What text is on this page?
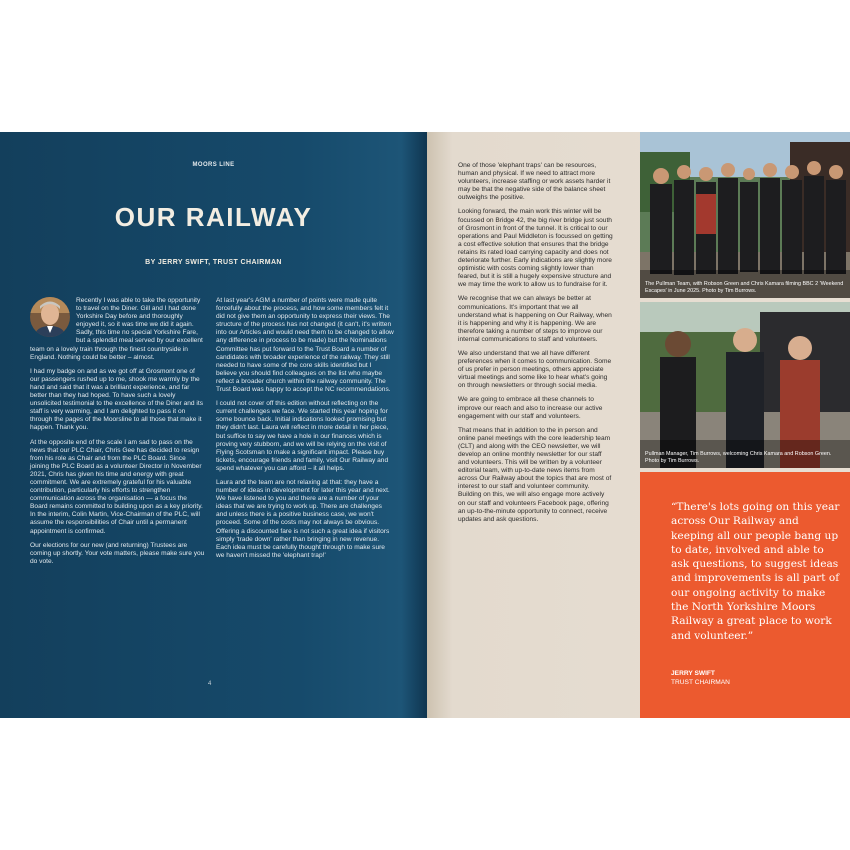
MOORS LINE
OUR RAILWAY
BY JERRY SWIFT, TRUST CHAIRMAN
4

Recently I was able to take the opportunity to travel on the Diner. Gill and I had done Yorkshire Day before and thoroughly enjoyed it, so it was time we did it again. Sadly, this time no special Yorkshire Fare, but a splendid meal served by our excellent team on a lovely train through the finest countryside in England. Nothing could be better – almost.

I had my badge on and as we got off at Grosmont one of our passengers rushed up to me, shook me warmly by the hand and said that it was a brilliant experience, and far better than they had hoped. To have such a lovely unsolicited testimonial to the excellence of the Diner and its staff is very warming, and I am delighted to pass it on through the pages of the Moorsline to all those that make it happen. Thank you.

At the opposite end of the scale I am sad to pass on the news that our PLC Chair, Chris Gee has decided to resign from his role as Chair and from the PLC Board. Since joining the PLC Board as a volunteer Director in November 2021, Chris has given his time and energy with great commitment. We are extremely grateful for his valuable contribution, particularly his efforts to strengthen communication across the organisation — a focus the Board remains committed to building upon as a key priority. In the interim, Colin Martin, Vice-Chairman of the PLC, will assume the responsibilities of Chair until a permanent appointment is confirmed.

Our elections for our new (and returning) Trustees are coming up shortly. Your vote matters, please make sure you do vote.

At last year's AGM a number of points were made quite forcefully about the process, and how some members felt it did not give them an opportunity to express their views. The structure of the process has not changed (it can't, it's written into our Articles and would need them to be changed to allow any difference in process to be made) but the Nominations Committee has put forward to the Trust Board a number of candidates with broader experience of the railway. They still needed to have some of the core skills identified but I believe you should find colleagues on the list who maybe reflect a broader church within the railway community. The Trust Board was happy to accept the NC recommendations.

I could not cover off this edition without reflecting on the current challenges we face. We started this year hoping for some bounce back. Initial indications looked promising but they didn't last. Laura will reflect in more detail in her piece, but suffice to say we have a hole in our finances which is proving very stubborn, and we will be relying on the visit of Flying Scotsman to make a significant impact. Please buy tickets, encourage friends and family, visit Our Railway and spend whatever you can afford – it all helps.

Laura and the team are not relaxing at that: they have a number of ideas in development for later this year and next. We have listened to you and there are a number of your ideas that we are trying to work up. There are challenges and unless there is a positive business case, we won't proceed. Some of the costs may not always be obvious. Offering a discounted fare is not such a great idea if visitors simply 'trade down' rather than bringing in new revenue. Each idea must be carefully thought through to make sure we haven't missed the 'elephant trap!'

One of those 'elephant traps' can be resources, human and physical. If we need to attract more volunteers, increase staffing or work assets harder it may be that the negative side of the balance sheet outweighs the positive.

Looking forward, the main work this winter will be focussed on Bridge 42, the big river bridge just south of Grosmont in front of the tunnel. It is critical to our operations and Paul Middleton is focussed on getting a cost effective solution that ensures that the bridge retains its rated load carrying capacity and does not deteriorate further. Early indications are slightly more optimistic with costs coming slightly lower than feared, but it is still a hugely expensive structure and we may time the work to allow us to fundraise for it.

We recognise that we can always be better at communications. It's important that we all understand what is happening on Our Railway, when it is happening and why it is happening. We are therefore taking a number of steps to improve our internal communications to staff and volunteers.

We also understand that we all have different preferences when it comes to communication. Some of us prefer in person meetings, others appreciate virtual meetings and some like to hear what's going on through newsletters or through social media.

We are going to embrace all these channels to improve our reach and also to increase our active engagement with our staff and volunteers.

That means that in addition to the in person and online panel meetings with the core leadership team (CLT) and along with the CEO newsletter, we will develop an online monthly newsletter for our staff and volunteers. This will be written by a volunteer editorial team, with up-to-date news items from across Our Railway about the topics that are most of interest to our staff and volunteer community. Building on this, we will also engage more actively on our staff and volunteers Facebook page, offering an up-to-the-minute opportunity to connect, receive updates and ask questions.

The Pullman Team, with Robson Green and Chris Kamara filming BBC 2 'Weekend Escapes' in June 2025. Photo by Tim Burrows.
Pullman Manager, Tim Burrows, welcoming Chris Kamara and Robson Green. Photo by Tim Burrows.
“There's lots going on this year across Our Railway and keeping all our people bang up to date, involved and able to ask questions, to suggest ideas and improvements is all part of our ongoing activity to make the North Yorkshire Moors Railway a great place to work and volunteer.”
JERRY SWIFT
TRUST CHAIRMAN
